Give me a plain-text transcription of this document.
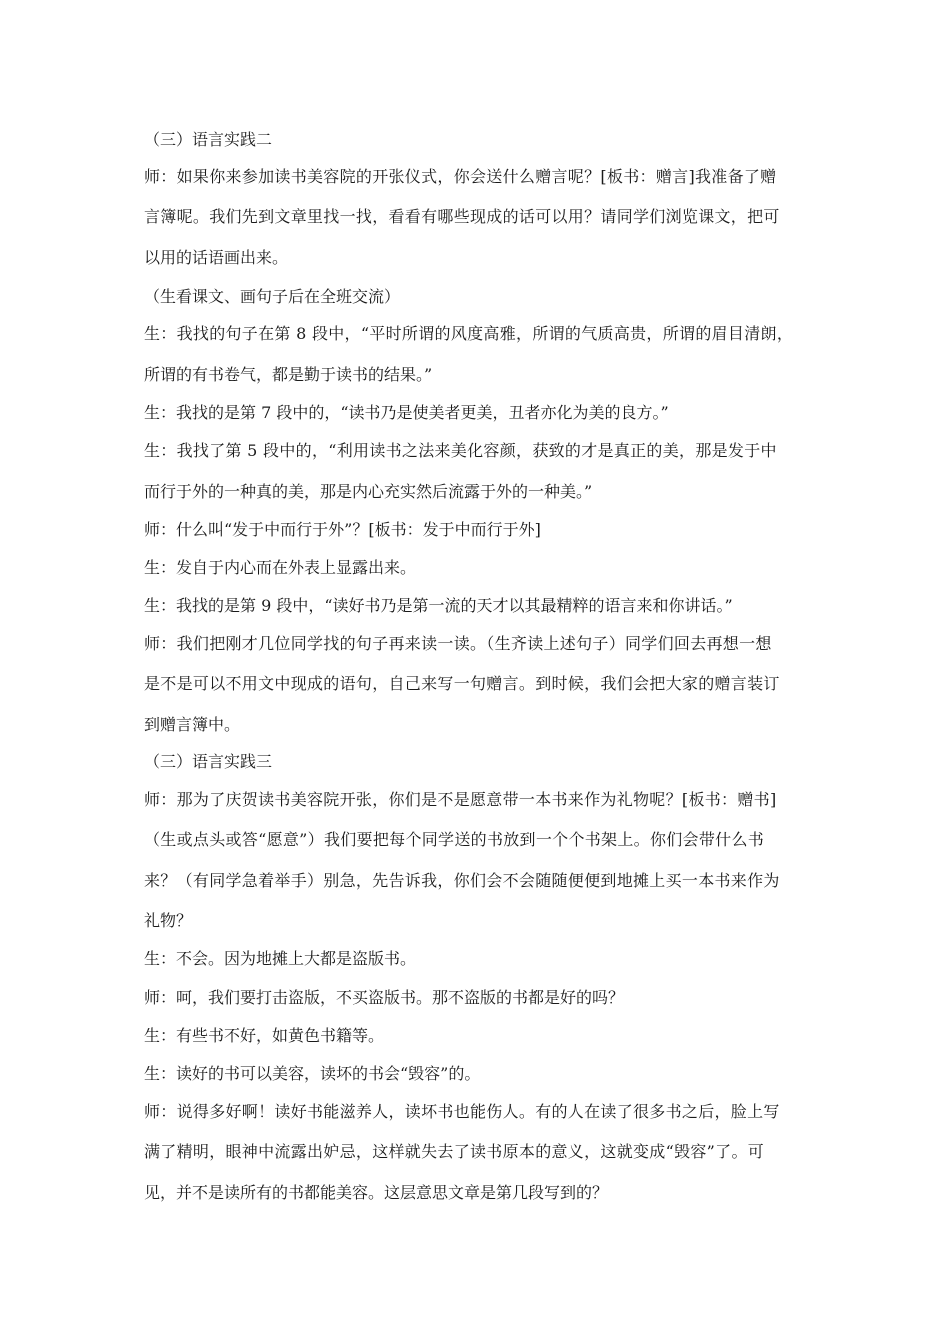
（三）语言实践二
师：如果你来参加读书美容院的开张仪式，你会送什么赠言呢？[板书：赠言]我准备了赠
言簿呢。我们先到文章里找一找，看看有哪些现成的话可以用？请同学们浏览课文，把可
以用的话语画出来。
（生看课文、画句子后在全班交流）
生：我找的句子在第 8 段中，“平时所谓的风度高雅，所谓的气质高贵，所谓的眉目清朗，
所谓的有书卷气，都是勤于读书的结果。”
生：我找的是第 7 段中的，“读书乃是使美者更美，丑者亦化为美的良方。”
生：我找了第 5 段中的，“利用读书之法来美化容颜，获致的才是真正的美，那是发于中
而行于外的一种真的美，那是内心充实然后流露于外的一种美。”
师：什么叫“发于中而行于外”？[板书：发于中而行于外]
生：发自于内心而在外表上显露出来。
生：我找的是第 9 段中，“读好书乃是第一流的天才以其最精粹的语言来和你讲话。”
师：我们把刚才几位同学找的句子再来读一读。（生齐读上述句子）同学们回去再想一想
是不是可以不用文中现成的语句，自己来写一句赠言。到时候，我们会把大家的赠言装订
到赠言簿中。
（三）语言实践三
师：那为了庆贺读书美容院开张，你们是不是愿意带一本书来作为礼物呢？[板书：赠书]
（生或点头或答“愿意”）我们要把每个同学送的书放到一个个书架上。你们会带什么书
来？（有同学急着举手）别急，先告诉我，你们会不会随随便便到地摊上买一本书来作为
礼物？
生：不会。因为地摊上大都是盗版书。
师：呵，我们要打击盗版，不买盗版书。那不盗版的书都是好的吗？
生：有些书不好，如黄色书籍等。
生：读好的书可以美容，读坏的书会“毁容”的。
师：说得多好啊！读好书能滋养人，读坏书也能伤人。有的人在读了很多书之后，脸上写
满了精明，眼神中流露出妒忌，这样就失去了读书原本的意义，这就变成“毁容”了。可
见，并不是读所有的书都能美容。这层意思文章是第几段写到的？
